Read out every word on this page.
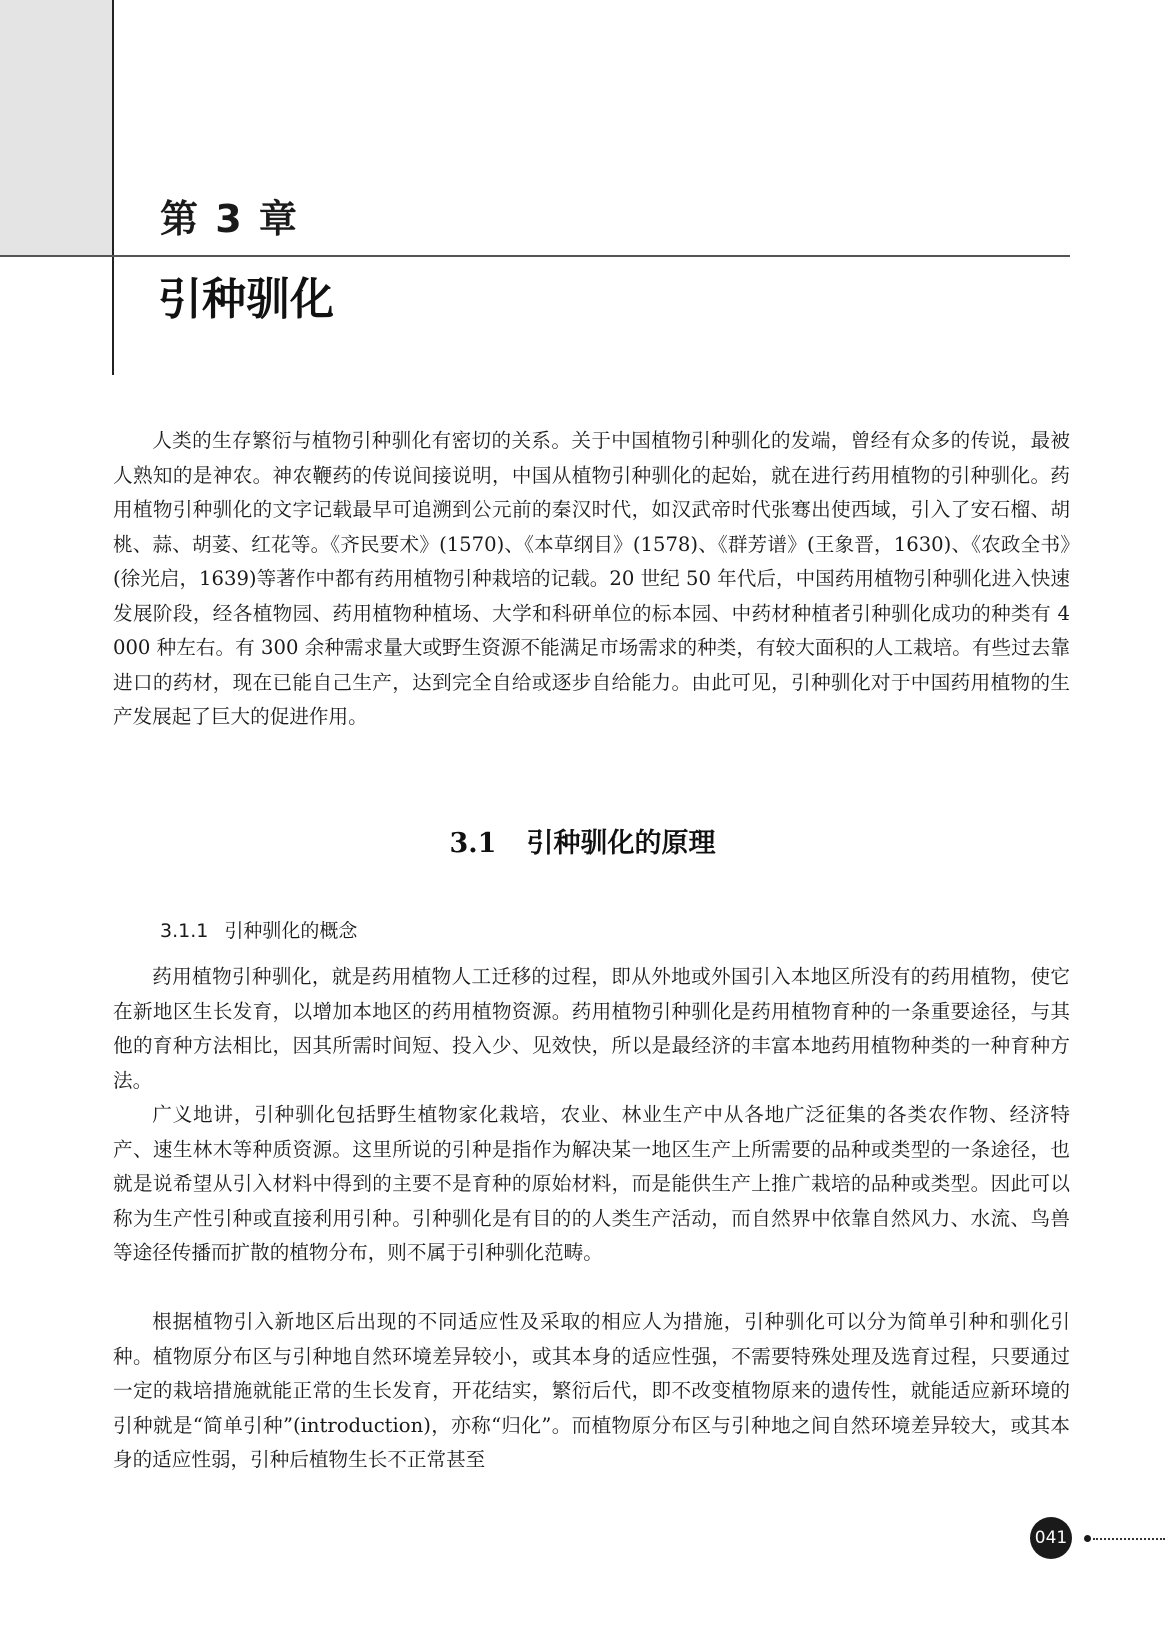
第 3 章
引种驯化

人类的生存繁衍与植物引种驯化有密切的关系。关于中国植物引种驯化的发端，曾经有众多的传说，最被人熟知的是神农。神农鞭药的传说间接说明，中国从植物引种驯化的起始，就在进行药用植物的引种驯化。药用植物引种驯化的文字记载最早可追溯到公元前的秦汉时代，如汉武帝时代张骞出使西域，引入了安石榴、胡桃、蒜、胡荽、红花等。《齐民要术》(1570)、《本草纲目》(1578)、《群芳谱》(王象晋，1630)、《农政全书》(徐光启，1639)等著作中都有药用植物引种栽培的记载。20 世纪 50 年代后，中国药用植物引种驯化进入快速发展阶段，经各植物园、药用植物种植场、大学和科研单位的标本园、中药材种植者引种驯化成功的种类有 4 000 种左右。有 300 余种需求量大或野生资源不能满足市场需求的种类，有较大面积的人工栽培。有些过去靠进口的药材，现在已能自己生产，达到完全自给或逐步自给能力。由此可见，引种驯化对于中国药用植物的生产发展起了巨大的促进作用。

3.1 引种驯化的原理
3.1.1 引种驯化的概念

药用植物引种驯化，就是药用植物人工迁移的过程，即从外地或外国引入本地区所没有的药用植物，使它在新地区生长发育，以增加本地区的药用植物资源。药用植物引种驯化是药用植物育种的一条重要途径，与其他的育种方法相比，因其所需时间短、投入少、见效快，所以是最经济的丰富本地药用植物种类的一种育种方法。

广义地讲，引种驯化包括野生植物家化栽培，农业、林业生产中从各地广泛征集的各类农作物、经济特产、速生林木等种质资源。这里所说的引种是指作为解决某一地区生产上所需要的品种或类型的一条途径，也就是说希望从引入材料中得到的主要不是育种的原始材料，而是能供生产上推广栽培的品种或类型。因此可以称为生产性引种或直接利用引种。引种驯化是有目的的人类生产活动，而自然界中依靠自然风力、水流、鸟兽等途径传播而扩散的植物分布，则不属于引种驯化范畴。

根据植物引入新地区后出现的不同适应性及采取的相应人为措施，引种驯化可以分为简单引种和驯化引种。植物原分布区与引种地自然环境差异较小，或其本身的适应性强，不需要特殊处理及选育过程，只要通过一定的栽培措施就能正常的生长发育，开花结实，繁衍后代，即不改变植物原来的遗传性，就能适应新环境的引种就是“简单引种”(introduction)，亦称“归化”。而植物原分布区与引种地之间自然环境差异较大，或其本身的适应性弱，引种后植物生长不正常甚至

041
